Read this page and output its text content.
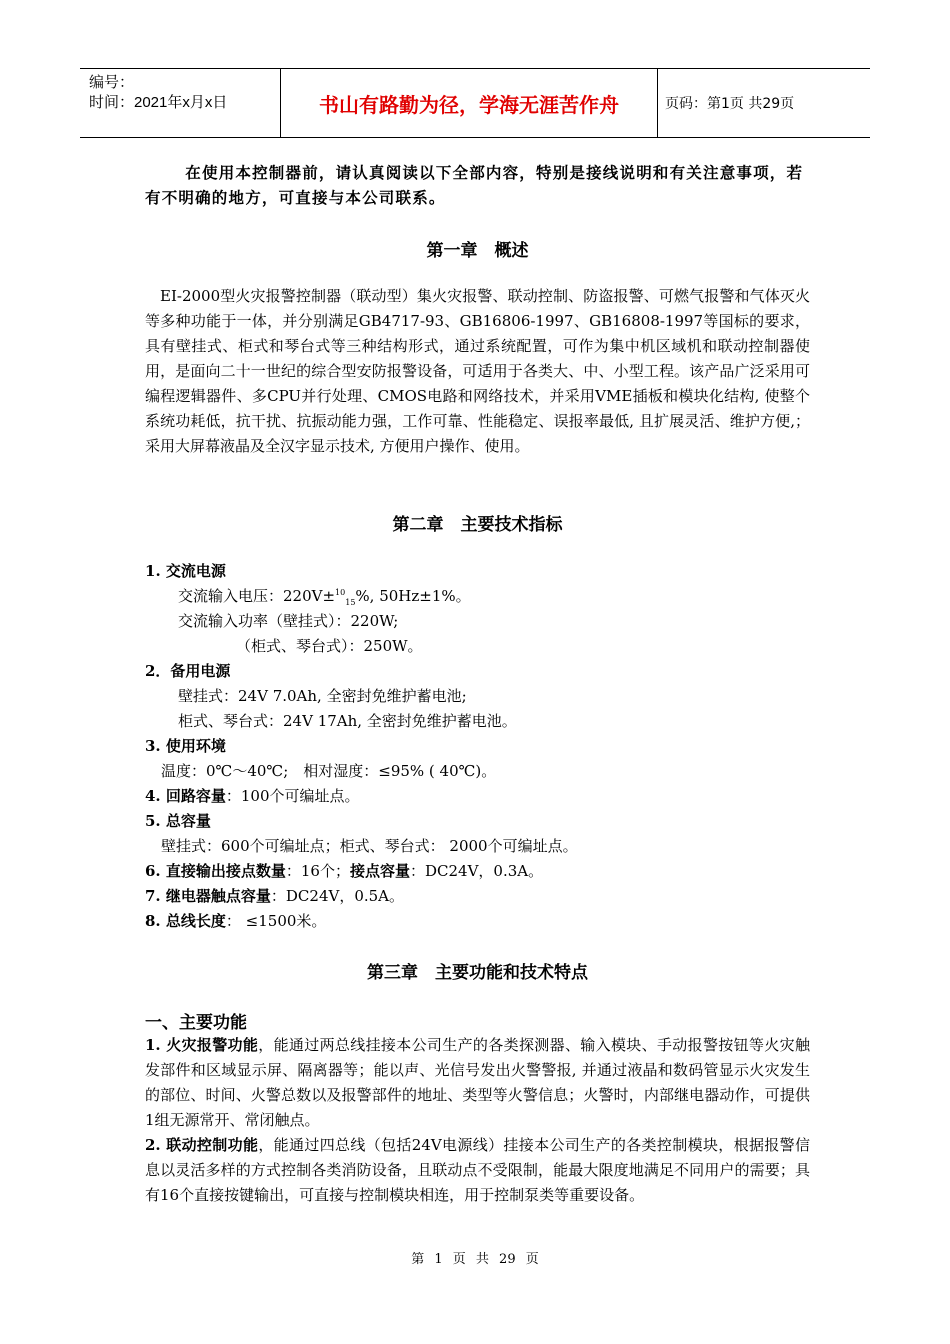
编号：
时间：2021年x月x日	书山有路勤为径，学海无涯苦作舟	页码：第1页 共29页
在使用本控制器前，请认真阅读以下全部内容，特别是接线说明和有关注意事项，若有不明确的地方，可直接与本公司联系。
第一章　概述
EI-2000型火灾报警控制器（联动型）集火灾报警、联动控制、防盗报警、可燃气报警和气体灭火等多种功能于一体，并分别满足GB4717-93、GB16806-1997、GB16808-1997等国标的要求，具有壁挂式、柜式和琴台式等三种结构形式，通过系统配置，可作为集中机区域机和联动控制器使用，是面向二十一世纪的综合型安防报警设备，可适用于各类大、中、小型工程。该产品广泛采用可编程逻辑器件、多CPU并行处理、CMOS电路和网络技术，并采用VME插板和模块化结构, 使整个系统功耗低，抗干扰、抗振动能力强，工作可靠、性能稳定、误报率最低, 且扩展灵活、维护方便,；采用大屏幕液晶及全汉字显示技术, 方便用户操作、使用。
第二章　主要技术指标
1. 交流电源
交流输入电压：220V±$^{10}_{15}$%, 50Hz±1%。
交流输入功率（壁挂式）：220W;
（柜式、琴台式）：250W。
2．备用电源
壁挂式：24V 7.0Ah, 全密封免维护蓄电池;
柜式、琴台式：24V 17Ah, 全密封免维护蓄电池。
3. 使用环境
温度：0℃～40℃;　相对湿度：≤95% ( 40℃)。
4. 回路容量：100个可编址点。
5. 总容量
壁挂式：600个可编址点；柜式、琴台式： 2000个可编址点。
6. 直接输出接点数量：16个；接点容量：DC24V，0.3A。
7. 继电器触点容量：DC24V，0.5A。
8. 总线长度： ≤1500米。
第三章　主要功能和技术特点
一、主要功能
1. 火灾报警功能，能通过两总线挂接本公司生产的各类探测器、输入模块、手动报警按钮等火灾触发部件和区域显示屏、隔离器等；能以声、光信号发出火警警报, 并通过液晶和数码管显示火灾发生的部位、时间、火警总数以及报警部件的地址、类型等火警信息；火警时，内部继电器动作，可提供1组无源常开、常闭触点。
2. 联动控制功能，能通过四总线（包括24V电源线）挂接本公司生产的各类控制模块，根据报警信息以灵活多样的方式控制各类消防设备，且联动点不受限制，能最大限度地满足不同用户的需要；具有16个直接按键输出，可直接与控制模块相连，用于控制泵类等重要设备。
第 1 页 共 29 页
